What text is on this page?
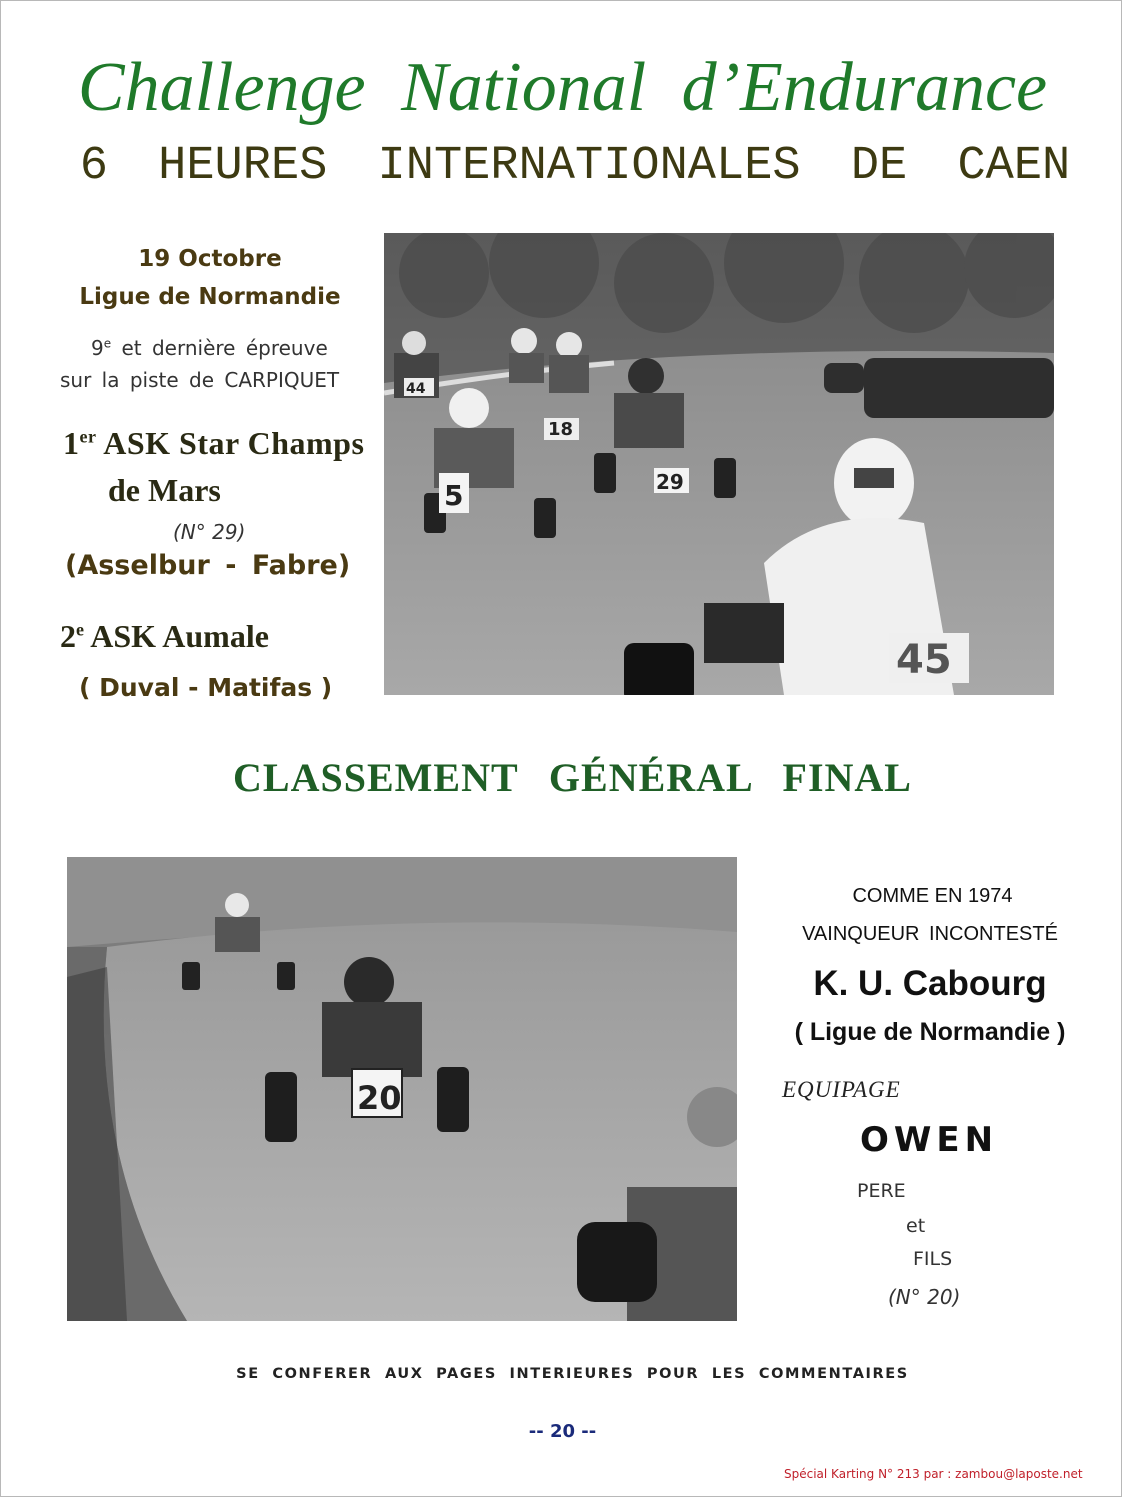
Challenge National d’Endurance
6 HEURES INTERNATIONALES DE CAEN
19 Octobre
Ligue de Normandie
9e et dernière épreuve
sur la piste de CARPIQUET
1er ASK Star Champs
de Mars
(N° 29)
(Asselbur - Fabre)
2e ASK Aumale
( Duval - Matifas )
44
18
5	29
45
CLASSEMENT GÉNÉRAL FINAL
20
COMME EN 1974
VAINQUEUR INCONTESTÉ
K. U. Cabourg
( Ligue de Normandie )
EQUIPAGE
OWEN
PERE
et
FILS
(N° 20)
SE CONFERER AUX PAGES INTERIEURES POUR LES COMMENTAIRES
-- 20 --
Spécial Karting N° 213 par : zambou@laposte.net
